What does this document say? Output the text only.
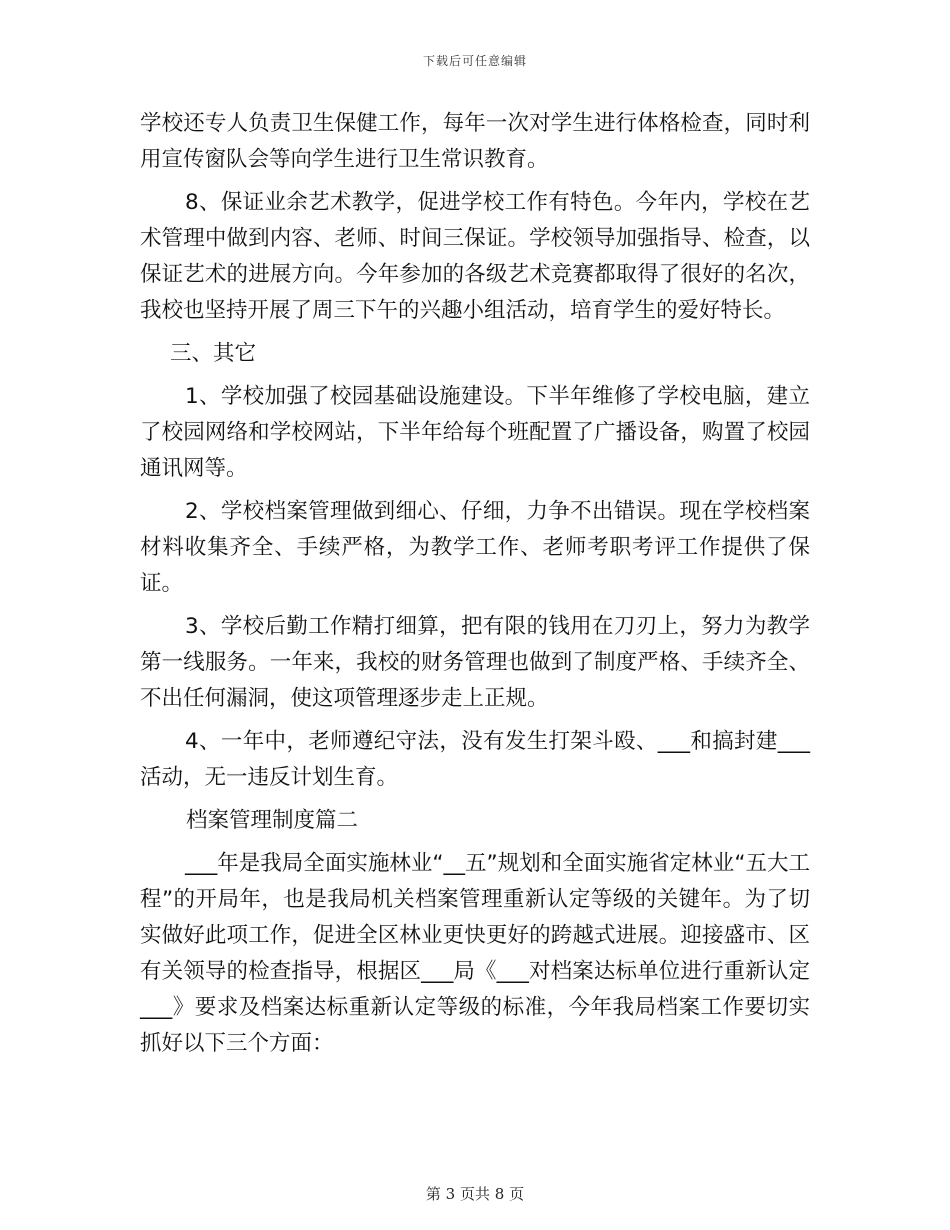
下载后可任意编辑

学校还专人负责卫生保健工作，每年一次对学生进行体格检查，同时利用宣传窗队会等向学生进行卫生常识教育。

8、保证业余艺术教学，促进学校工作有特色。今年内，学校在艺术管理中做到内容、老师、时间三保证。学校领导加强指导、检查，以保证艺术的进展方向。今年参加的各级艺术竞赛都取得了很好的名次，我校也坚持开展了周三下午的兴趣小组活动，培育学生的爱好特长。

三、其它

1、学校加强了校园基础设施建设。下半年维修了学校电脑，建立了校园网络和学校网站，下半年给每个班配置了广播设备，购置了校园通讯网等。

2、学校档案管理做到细心、仔细，力争不出错误。现在学校档案材料收集齐全、手续严格，为教学工作、老师考职考评工作提供了保证。

3、学校后勤工作精打细算，把有限的钱用在刀刃上，努力为教学第一线服务。一年来，我校的财务管理也做到了制度严格、手续齐全、不出任何漏洞，使这项管理逐步走上正规。

4、一年中，老师遵纪守法，没有发生打架斗殴、___和搞封建___活动，无一违反计划生育。

档案管理制度篇二

___年是我局全面实施林业“__五”规划和全面实施省定林业“五大工程”的开局年，也是我局机关档案管理重新认定等级的关键年。为了切实做好此项工作，促进全区林业更快更好的跨越式进展。迎接盛市、区有关领导的检查指导，根据区___局《___对档案达标单位进行重新认定___》要求及档案达标重新认定等级的标准，今年我局档案工作要切实抓好以下三个方面：

第 3 页共 8 页
